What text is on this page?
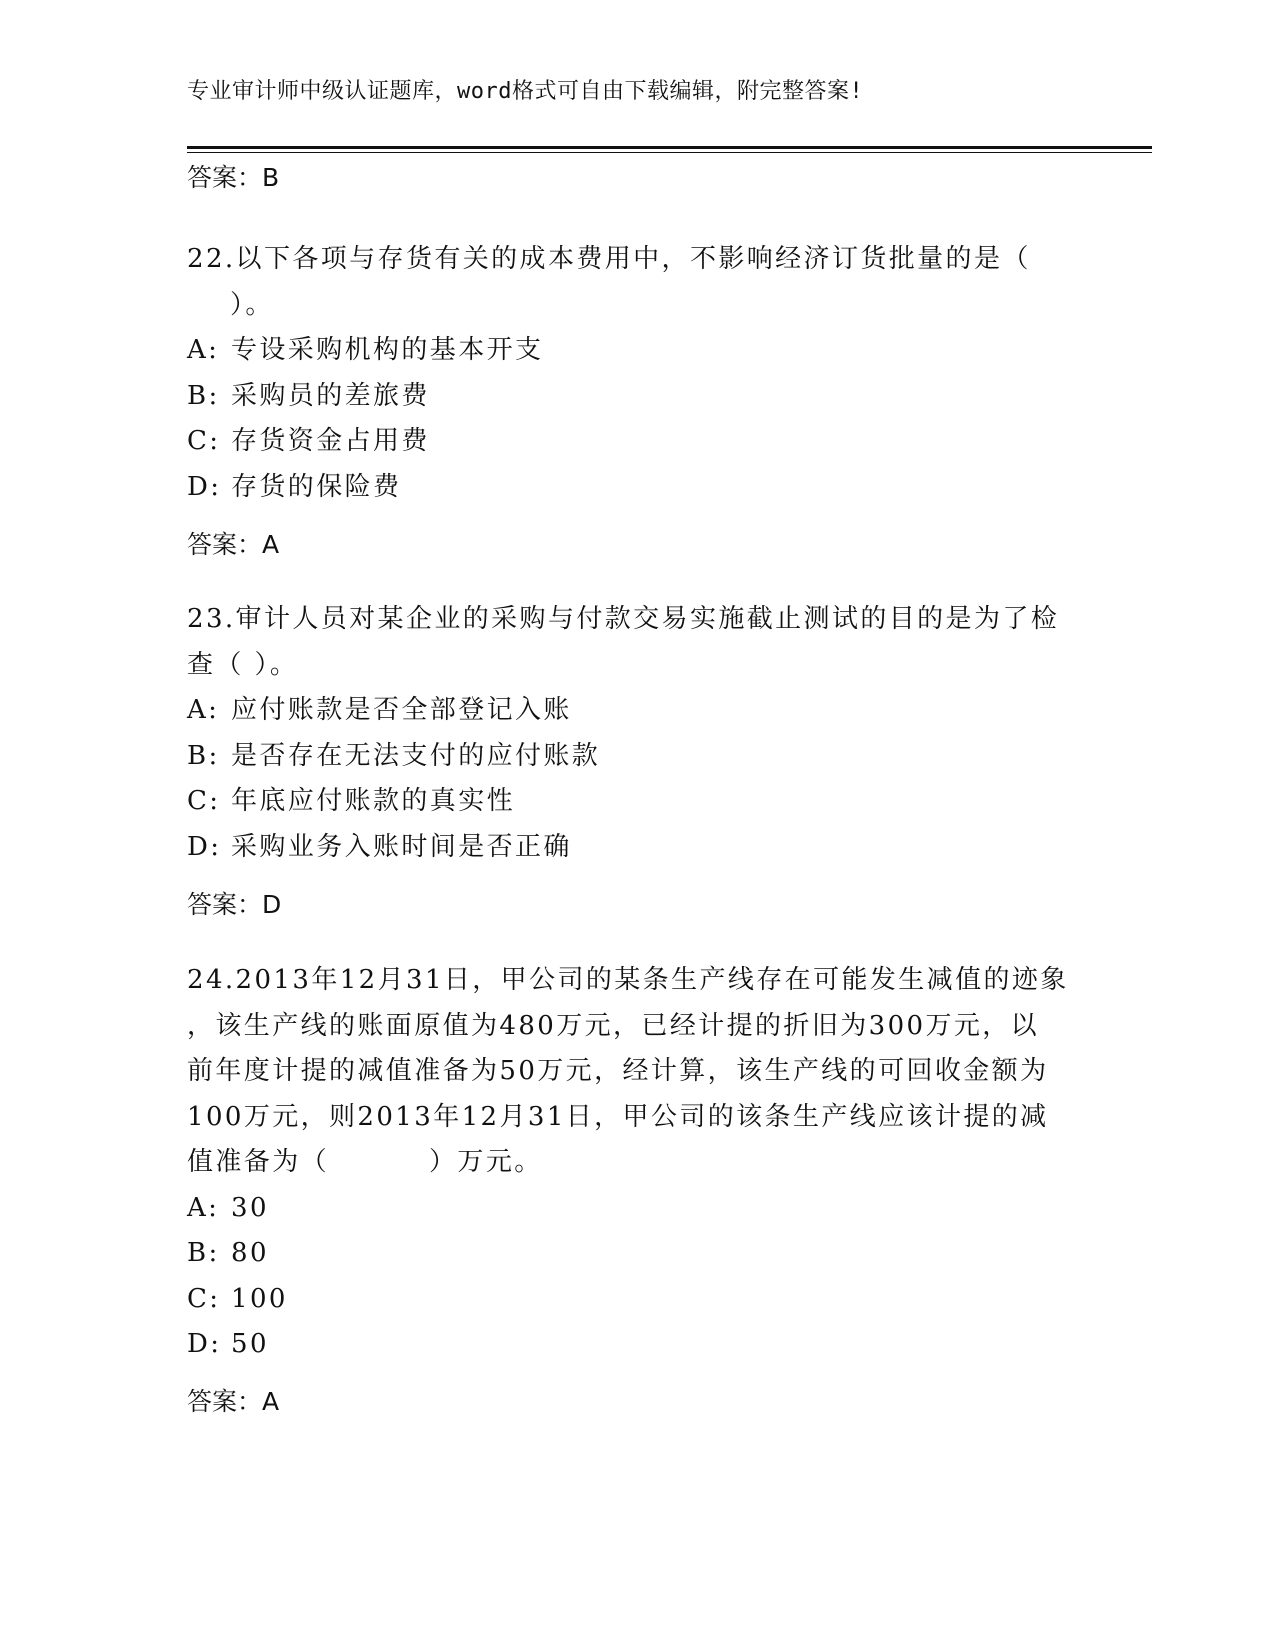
专业审计师中级认证题库，word格式可自由下载编辑，附完整答案!
答案：B
22.以下各项与存货有关的成本费用中，不影响经济订货批量的是（
）。
A: 专设采购机构的基本开支
B: 采购员的差旅费
C: 存货资金占用费
D: 存货的保险费
答案：A
23.审计人员对某企业的采购与付款交易实施截止测试的目的是为了检
查（ ）。
A: 应付账款是否全部登记入账
B: 是否存在无法支付的应付账款
C: 年底应付账款的真实性
D: 采购业务入账时间是否正确
答案：D
24.2013年12月31日，甲公司的某条生产线存在可能发生减值的迹象
，该生产线的账面原值为480万元，已经计提的折旧为300万元，以
前年度计提的减值准备为50万元，经计算，该生产线的可回收金额为
100万元，则2013年12月31日，甲公司的该条生产线应该计提的减
值准备为（	）万元。
A: 30
B: 80
C: 100
D: 50
答案：A
